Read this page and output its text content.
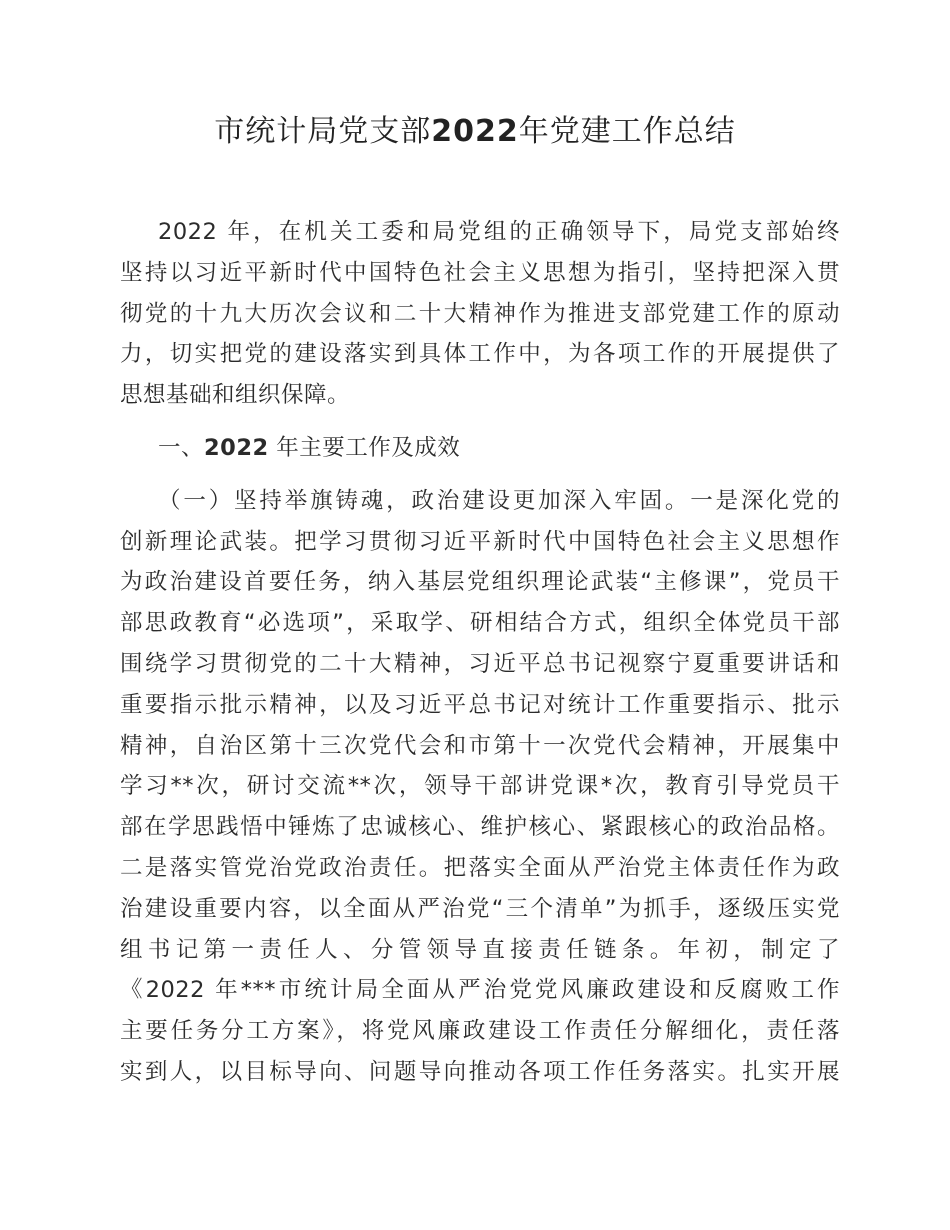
市统计局党支部2022年党建工作总结
2022 年，在机关工委和局党组的正确领导下，局党支部始终
坚持以习近平新时代中国特色社会主义思想为指引，坚持把深入贯
彻党的十九大历次会议和二十大精神作为推进支部党建工作的原动
力，切实把党的建设落实到具体工作中，为各项工作的开展提供了
思想基础和组织保障。
一、2022 年主要工作及成效
（一）坚持举旗铸魂，政治建设更加深入牢固。一是深化党的
创新理论武装。把学习贯彻习近平新时代中国特色社会主义思想作
为政治建设首要任务，纳入基层党组织理论武装“主修课”，党员干
部思政教育“必选项”，采取学、研相结合方式，组织全体党员干部
围绕学习贯彻党的二十大精神，习近平总书记视察宁夏重要讲话和
重要指示批示精神，以及习近平总书记对统计工作重要指示、批示
精神，自治区第十三次党代会和市第十一次党代会精神，开展集中
学习**次，研讨交流**次，领导干部讲党课*次，教育引导党员干
部在学思践悟中锤炼了忠诚核心、维护核心、紧跟核心的政治品格。
二是落实管党治党政治责任。把落实全面从严治党主体责任作为政
治建设重要内容，以全面从严治党“三个清单”为抓手，逐级压实党
组书记第一责任人、分管领导直接责任链条。年初，制定了
《2022 年***市统计局全面从严治党党风廉政建设和反腐败工作
主要任务分工方案》，将党风廉政建设工作责任分解细化，责任落
实到人，以目标导向、问题导向推动各项工作任务落实。扎实开展
